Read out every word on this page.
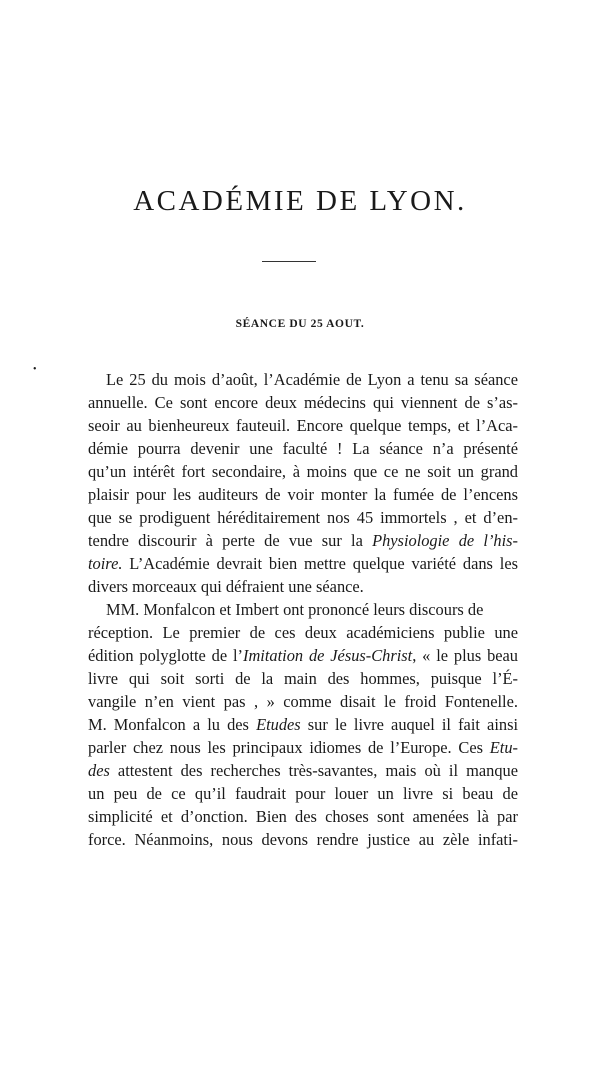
ACADÉMIE DE LYON.
SÉANCE DU 25 AOUT.
•
Le 25 du mois d’août, l’Académie de Lyon a tenu sa séance
annuelle. Ce sont encore deux médecins qui viennent de s’as-
seoir au bienheureux fauteuil. Encore quelque temps, et l’Aca-
démie pourra devenir une faculté ! La séance n’a présenté
qu’un intérêt fort secondaire, à moins que ce ne soit un grand
plaisir pour les auditeurs de voir monter la fumée de l’encens
que se prodiguent héréditairement nos 45 immortels , et d’en-
tendre discourir à perte de vue sur la Physiologie de l’his-
toire. L’Académie devrait bien mettre quelque variété dans les
divers morceaux qui défraient une séance.
MM. Monfalcon et Imbert ont prononcé leurs discours de
réception. Le premier de ces deux académiciens publie une
édition polyglotte de l’Imitation de Jésus-Christ, « le plus beau
livre qui soit sorti de la main des hommes, puisque l’É-
vangile n’en vient pas , » comme disait le froid Fontenelle.
M. Monfalcon a lu des Etudes sur le livre auquel il fait ainsi
parler chez nous les principaux idiomes de l’Europe. Ces Etu-
des attestent des recherches très-savantes, mais où il manque
un peu de ce qu’il faudrait pour louer un livre si beau de
simplicité et d’onction. Bien des choses sont amenées là par
force. Néanmoins, nous devons rendre justice au zèle infati-
